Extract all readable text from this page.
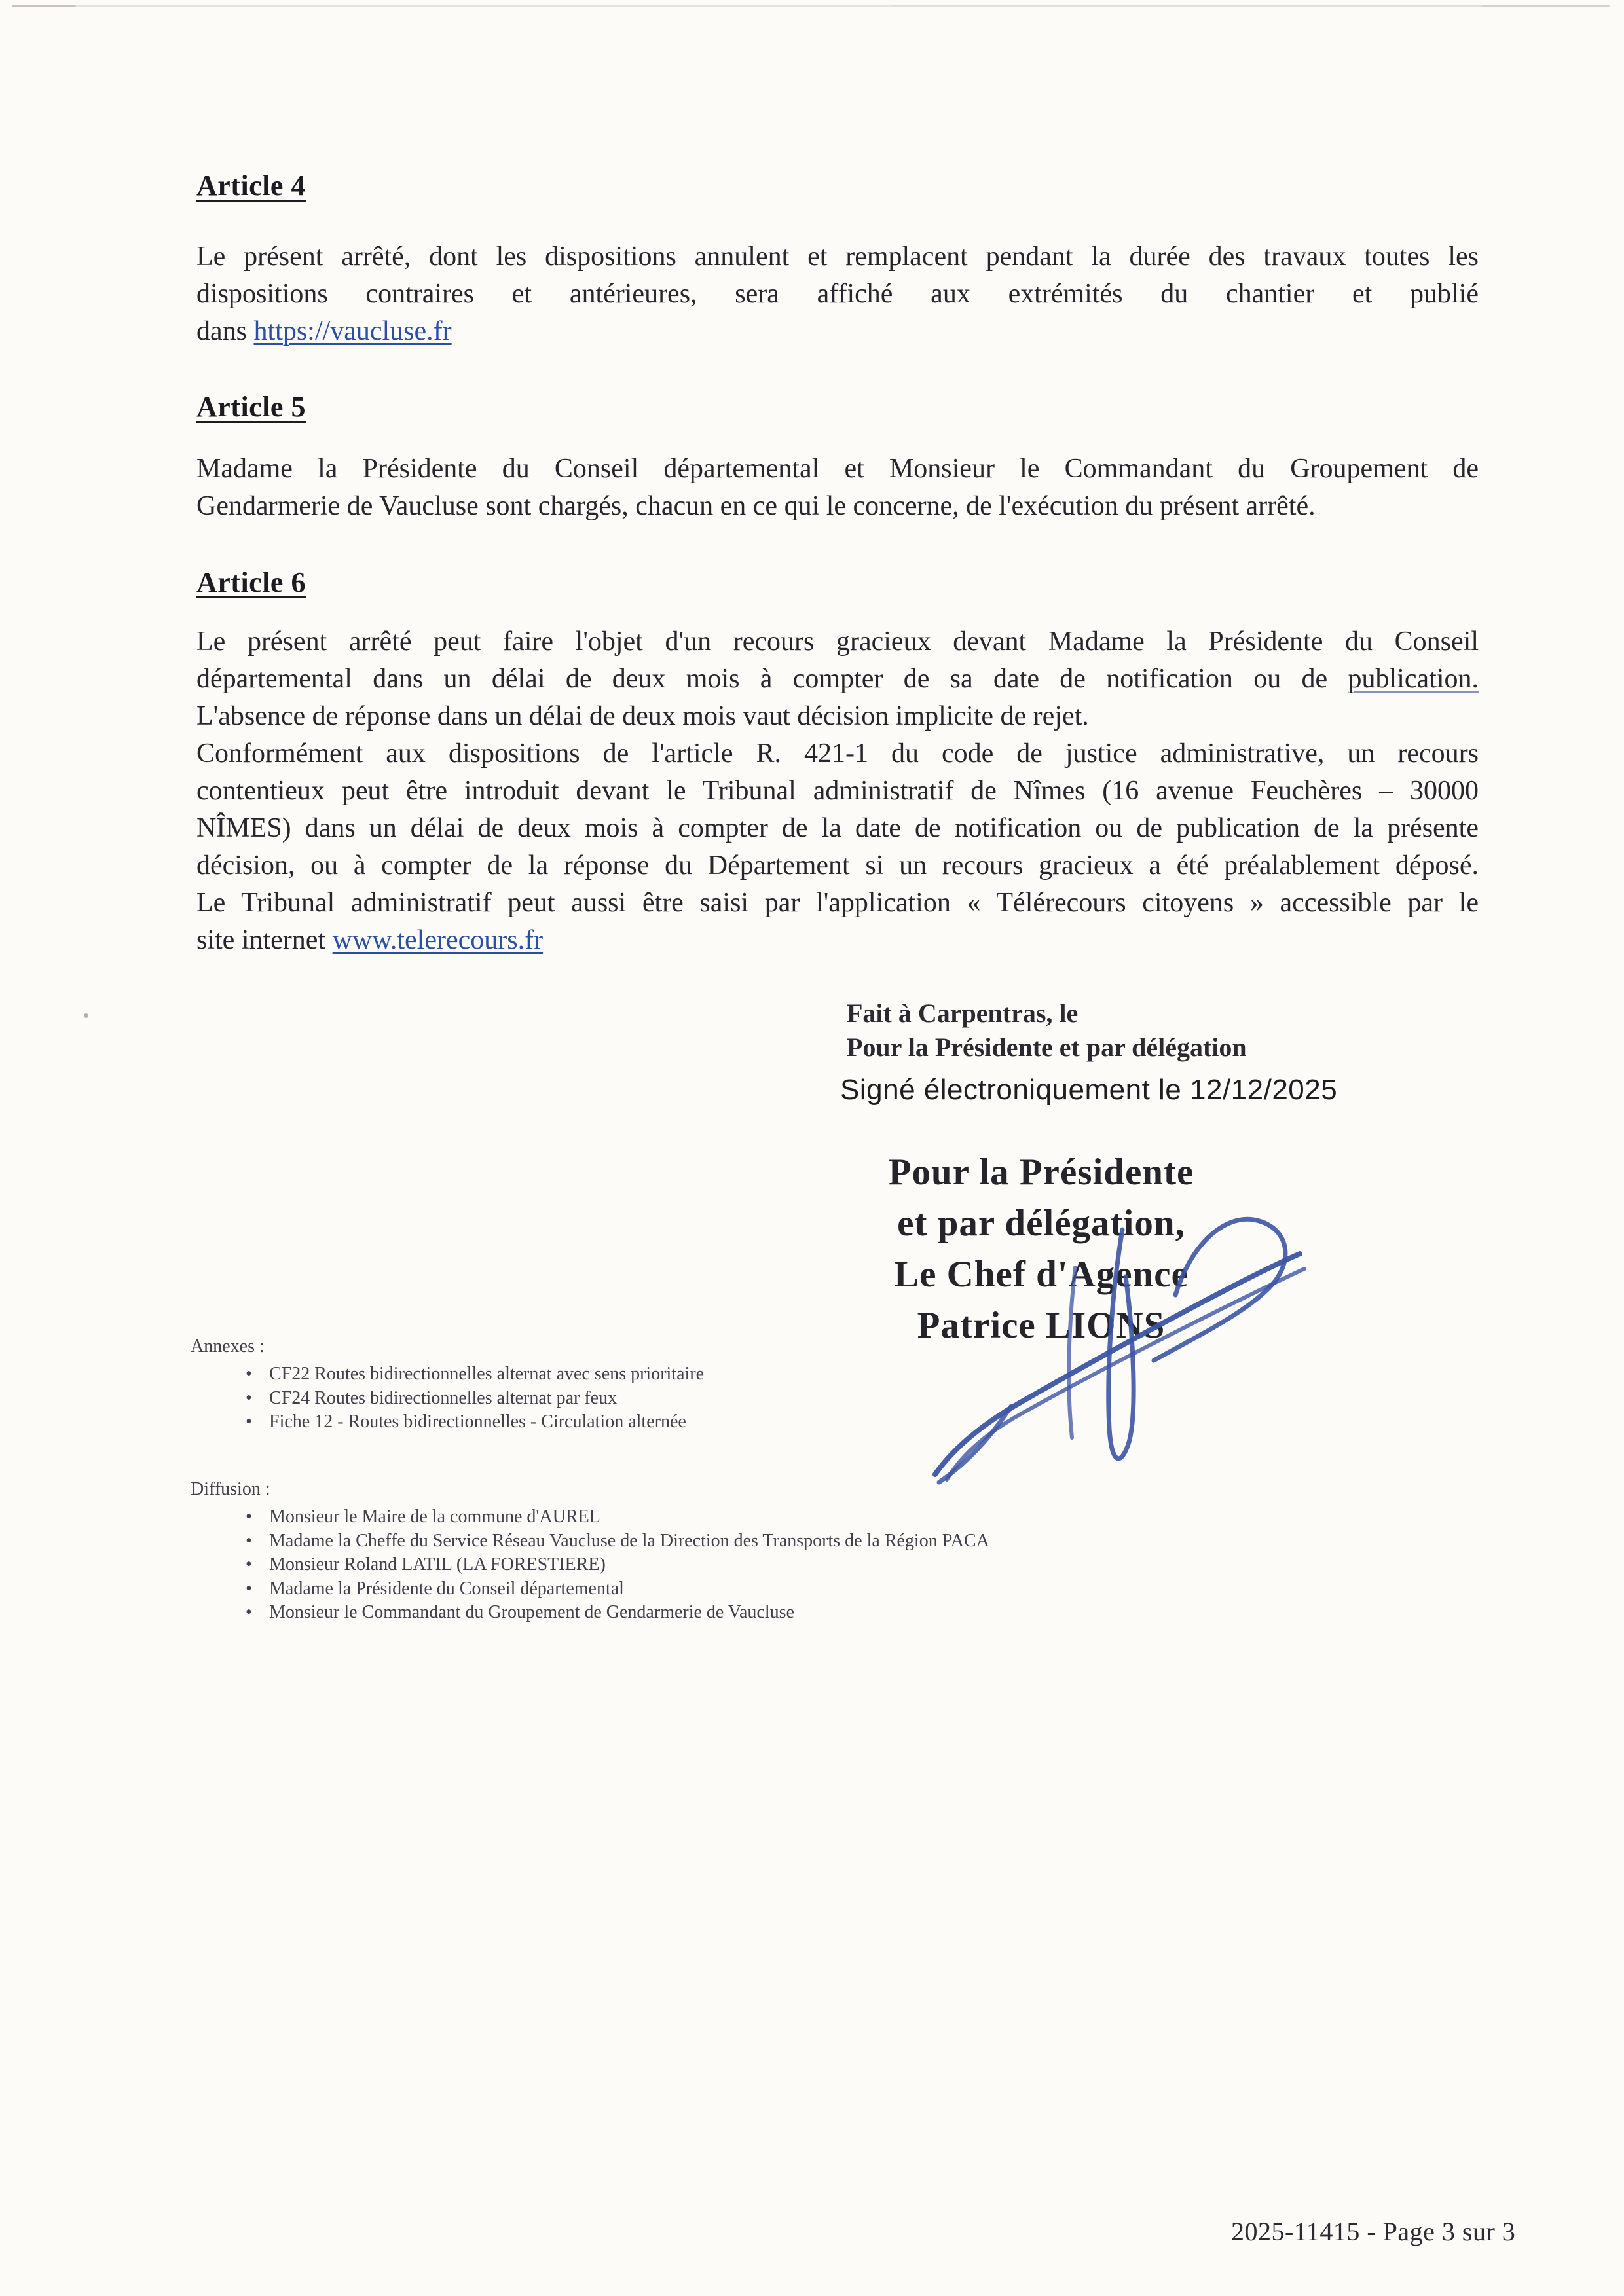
Article 4
Le présent arrêté, dont les dispositions annulent et remplacent pendant la durée des travaux toutes les
dispositions contraires et antérieures, sera affiché aux extrémités du chantier et publié
dans https://vaucluse.fr
Article 5
Madame la Présidente du Conseil départemental et Monsieur le Commandant du Groupement de
Gendarmerie de Vaucluse sont chargés, chacun en ce qui le concerne, de l'exécution du présent arrêté.
Article 6
Le présent arrêté peut faire l'objet d'un recours gracieux devant Madame la Présidente du Conseil
départemental dans un délai de deux mois à compter de sa date de notification ou de publication.
L'absence de réponse dans un délai de deux mois vaut décision implicite de rejet.
Conformément aux dispositions de l'article R. 421-1 du code de justice administrative, un recours
contentieux peut être introduit devant le Tribunal administratif de Nîmes (16 avenue Feuchères – 30000
NÎMES) dans un délai de deux mois à compter de la date de notification ou de publication de la présente
décision, ou à compter de la réponse du Département si un recours gracieux a été préalablement déposé.
Le Tribunal administratif peut aussi être saisi par l'application « Télérecours citoyens » accessible par le
site internet www.telerecours.fr
Fait à Carpentras, le
Pour la Présidente et par délégation
Signé électroniquement le 12/12/2025
Pour la Présidente
et par délégation,
Le Chef d'Agence
Patrice LIONS
Annexes :
• CF22 Routes bidirectionnelles alternat avec sens prioritaire
• CF24 Routes bidirectionnelles alternat par feux
• Fiche 12 - Routes bidirectionnelles - Circulation alternée
Diffusion :
• Monsieur le Maire de la commune d'AUREL
• Madame la Cheffe du Service Réseau Vaucluse de la Direction des Transports de la Région PACA
• Monsieur Roland LATIL (LA FORESTIERE)
• Madame la Présidente du Conseil départemental
• Monsieur le Commandant du Groupement de Gendarmerie de Vaucluse
2025-11415 - Page 3 sur 3
